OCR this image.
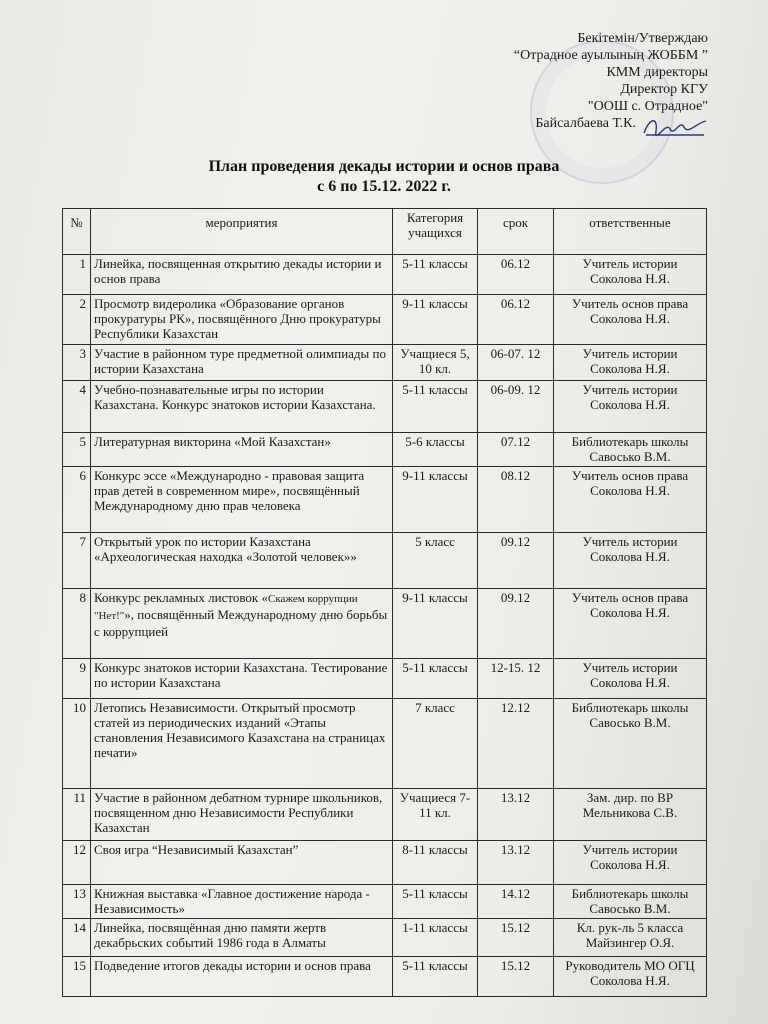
Бекітемін/Утверждаю
“Отрадное ауылының ЖОББМ ”
КММ директоры
Директор КГУ
"ООШ с. Отрадное"
Байсалбаева Т.К.
План проведения декады истории и основ права
с 6 по 15.12. 2022 г.
№	мероприятия	Категория учащихся	срок	ответственные
1	Линейка, посвященная открытию декады истории и основ права	5-11 классы	06.12	Учитель истории Соколова Н.Я.
2	Просмотр видеролика «Образование органов прокуратуры РК», посвящённого Дню прокуратуры Республики Казахстан	9-11 классы	06.12	Учитель основ права Соколова Н.Я.
3	Участие в районном туре предметной олимпиады по истории Казахстана	Учащиеся 5, 10 кл.	06-07. 12	Учитель истории Соколова Н.Я.
4	Учебно-познавательные игры по истории Казахстана. Конкурс знатоков истории Казахстана.	5-11 классы	06-09. 12	Учитель истории Соколова Н.Я.
5	Литературная викторина «Мой Казахстан»	5-6 классы	07.12	Библиотекарь школы Савосько В.М.
6	Конкурс эссе «Международно - правовая защита прав детей в современном мире», посвящённый Международному дню прав человека	9-11 классы	08.12	Учитель основ права Соколова Н.Я.
7	Открытый урок по истории Казахстана «Археологическая находка «Золотой человек»»	5 класс	09.12	Учитель истории Соколова Н.Я.
8	Конкурс рекламных листовок «Скажем коррупции "Нет!"», посвящённый Международному дню борьбы с коррупцией	9-11 классы	09.12	Учитель основ права Соколова Н.Я.
9	Конкурс знатоков истории Казахстана. Тестирование по истории Казахстана	5-11 классы	12-15. 12	Учитель истории Соколова Н.Я.
10	Летопись Независимости. Открытый просмотр статей из периодических изданий «Этапы становления Независимого Казахстана на страницах печати»	7 класс	12.12	Библиотекарь школы Савосько В.М.
11	Участие в районном дебатном турнире школьников, посвященном дню Независимости Республики Казахстан	Учащиеся 7-11 кл.	13.12	Зам. дир. по ВР Мельникова С.В.
12	Своя игра “Независимый Казахстан”	8-11 классы	13.12	Учитель истории Соколова Н.Я.
13	Книжная выставка «Главное достижение народа - Независимость»	5-11 классы	14.12	Библиотекарь школы Савосько В.М.
14	Линейка, посвящённая дню памяти жертв декабрьских событий 1986 года в Алматы	1-11 классы	15.12	Кл. рук-ль 5 класса Майзингер О.Я.
15	Подведение итогов декады истории и основ права	5-11 классы	15.12	Руководитель МО ОГЦ Соколова Н.Я.
